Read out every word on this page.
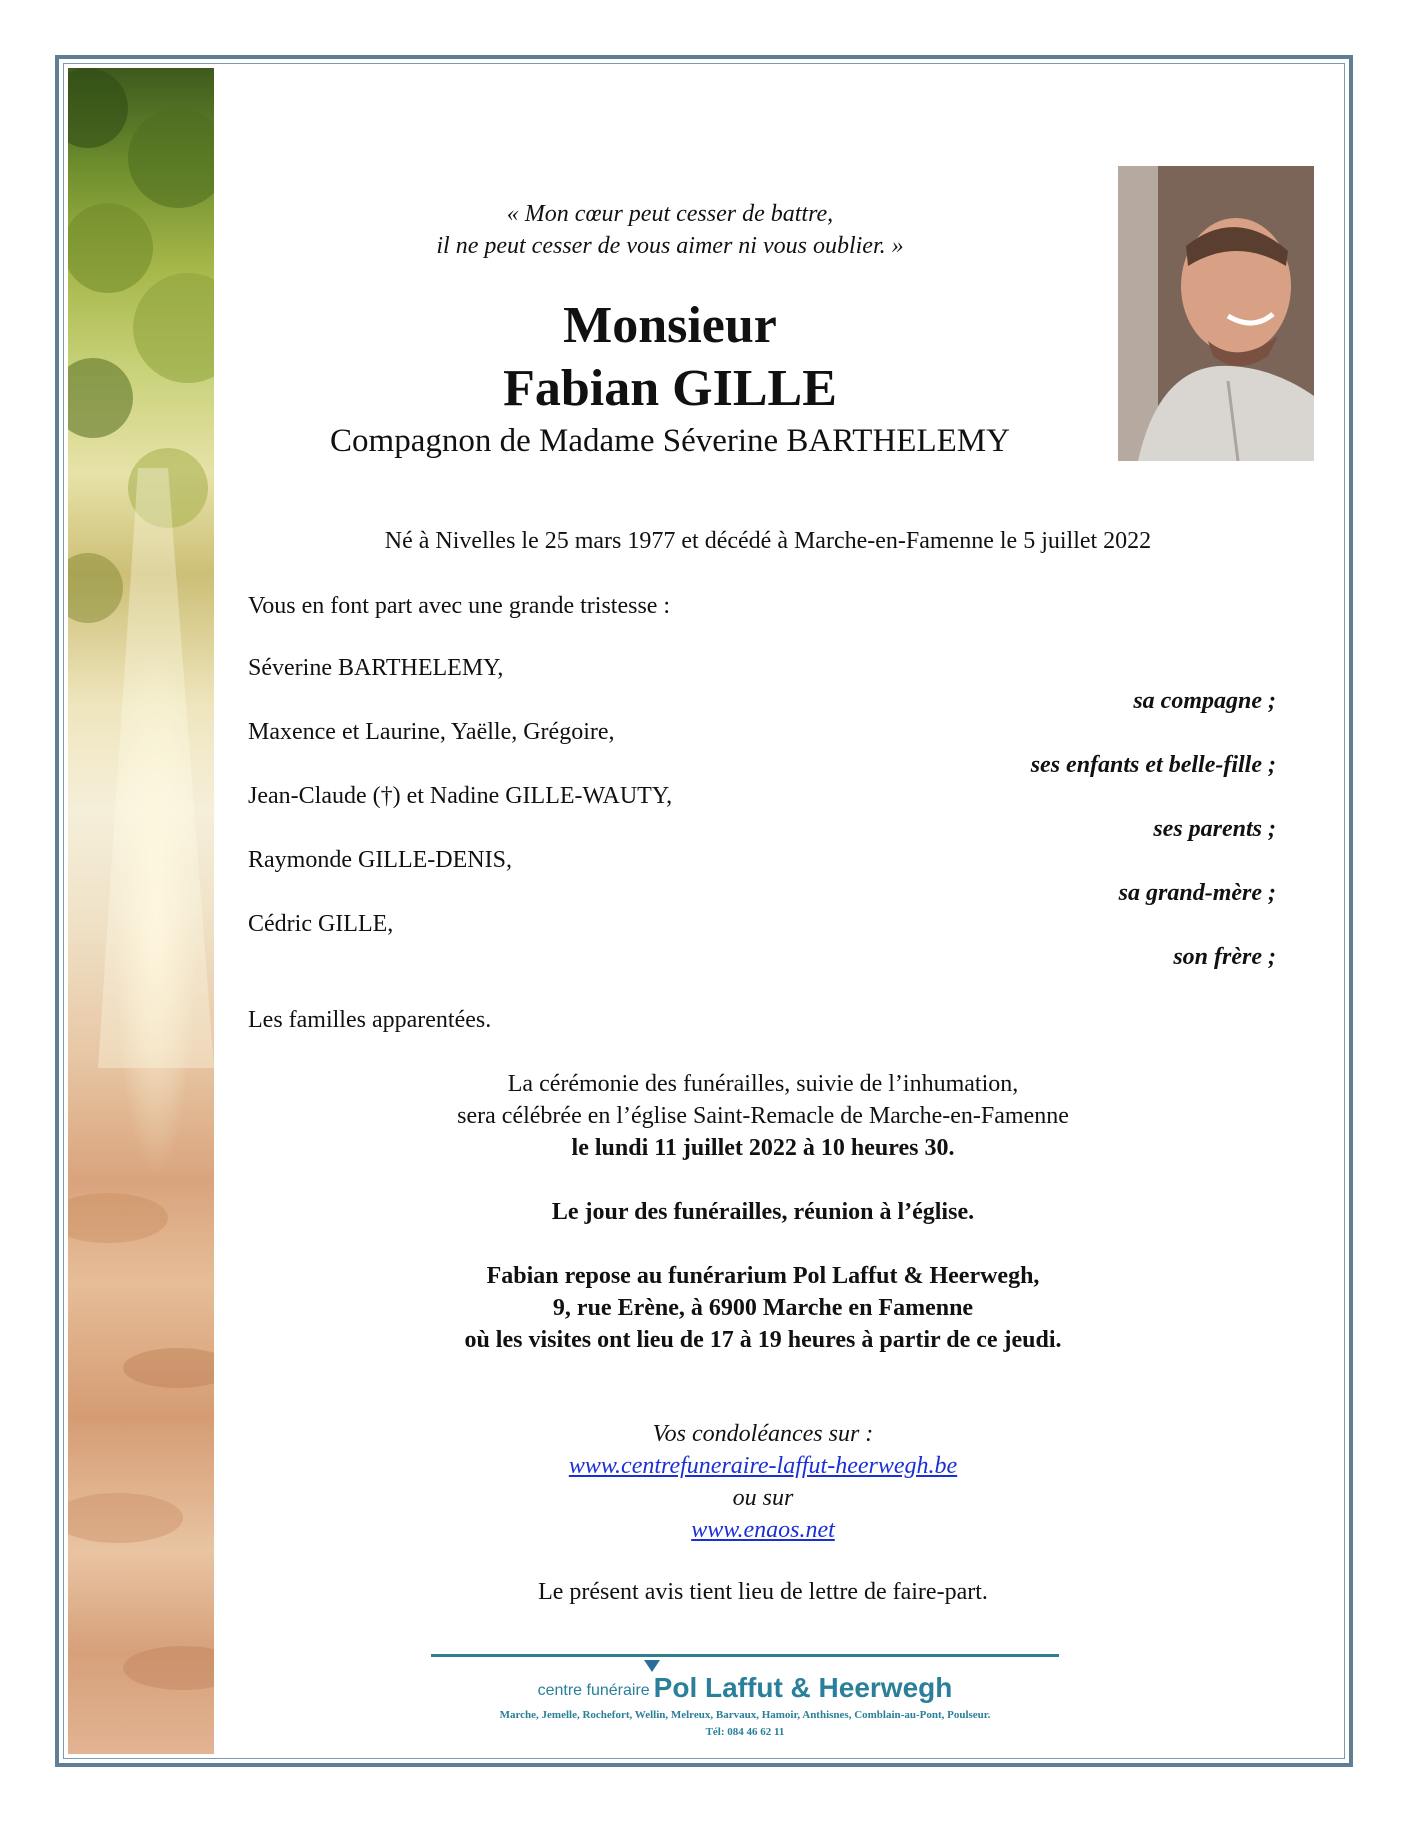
« Mon cœur peut cesser de battre,
il ne peut cesser de vous aimer ni vous oublier. »
Monsieur
Fabian GILLE
Compagnon de Madame Séverine BARTHELEMY
Né à Nivelles le 25 mars 1977 et décédé à Marche-en-Famenne le 5 juillet 2022
Vous en font part avec une grande tristesse :
Séverine BARTHELEMY,
sa compagne ;
Maxence et Laurine, Yaëlle, Grégoire,
ses enfants et belle-fille ;
Jean-Claude (†) et Nadine GILLE-WAUTY,
ses parents ;
Raymonde GILLE-DENIS,
sa grand-mère ;
Cédric GILLE,
son frère ;
Les familles apparentées.
La cérémonie des funérailles, suivie de l’inhumation,
sera célébrée en l’église Saint-Remacle de Marche-en-Famenne
le lundi 11 juillet 2022 à 10 heures 30.
Le jour des funérailles, réunion à l’église.
Fabian repose au funérarium Pol Laffut & Heerwegh,
9, rue Erène, à 6900 Marche en Famenne
où les visites ont lieu de 17 à 19 heures à partir de ce jeudi.
Vos condoléances sur :
www.centrefuneraire-laffut-heerwegh.be
ou sur
www.enaos.net
Le présent avis tient lieu de lettre de faire-part.
centre funéraire Pol Laffut & Heerwegh
Marche, Jemelle, Rochefort, Wellin, Melreux, Barvaux, Hamoir, Anthisnes, Comblain-au-Pont, Poulseur.
Tél: 084 46 62 11
